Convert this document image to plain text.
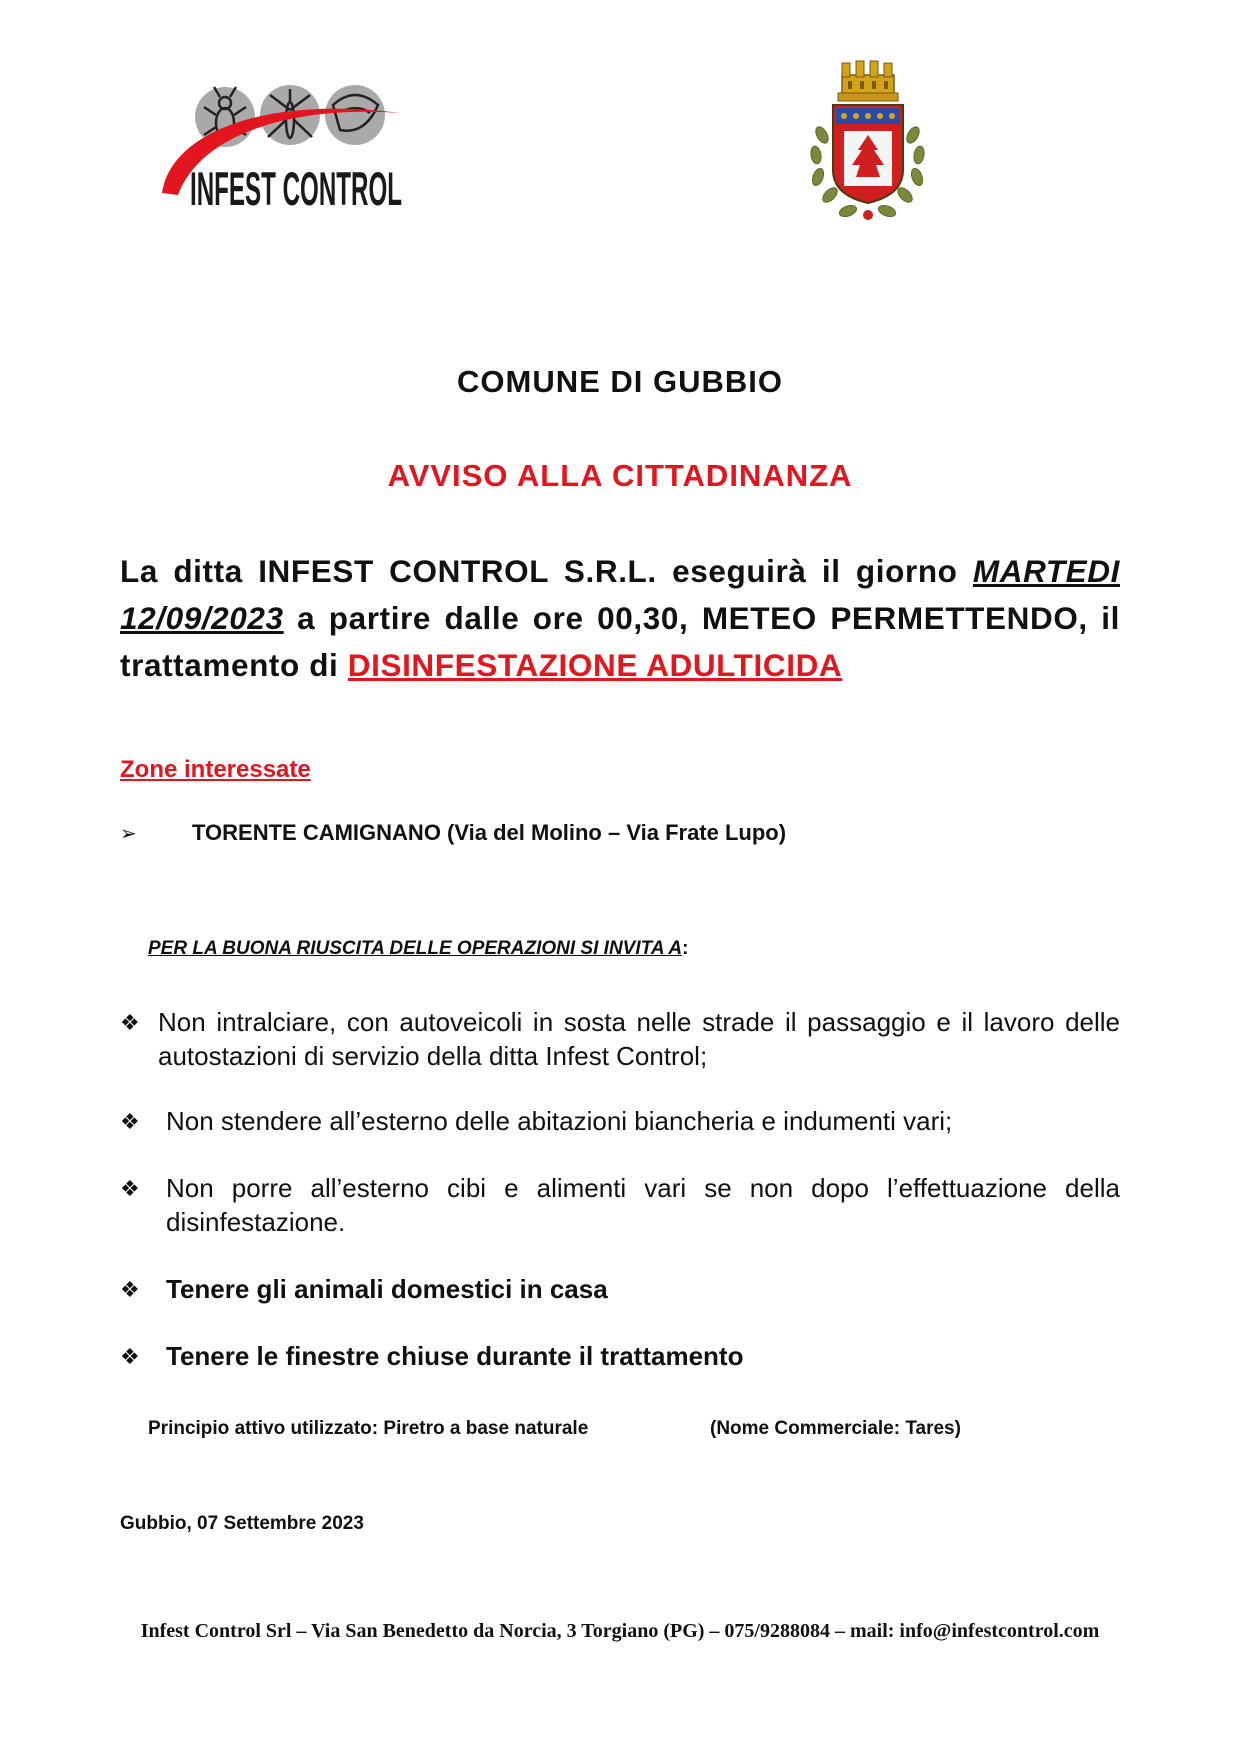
INFEST CONTROL
COMUNE DI GUBBIO
AVVISO ALLA CITTADINANZA
La ditta INFEST CONTROL S.R.L. eseguirà il giorno MARTEDI 12/09/2023 a partire dalle ore 00,30, METEO PERMETTENDO, il trattamento di DISINFESTAZIONE ADULTICIDA
Zone interessate
➢	TORENTE CAMIGNANO (Via del Molino – Via Frate Lupo)
PER LA BUONA RIUSCITA DELLE OPERAZIONI SI INVITA A:
❖ Non intralciare, con autoveicoli in sosta nelle strade il passaggio e il lavoro delle autostazioni di servizio della ditta Infest Control;
❖	Non stendere all’esterno delle abitazioni biancheria e indumenti vari;
❖	Non porre all’esterno cibi e alimenti vari se non dopo l’effettuazione della disinfestazione.
❖	Tenere gli animali domestici in casa
❖	Tenere le finestre chiuse durante il trattamento
Principio attivo utilizzato: Piretro a base naturale	(Nome Commerciale: Tares)
Gubbio, 07 Settembre 2023
Infest Control Srl – Via San Benedetto da Norcia, 3 Torgiano (PG) – 075/9288084 – mail: info@infestcontrol.com
